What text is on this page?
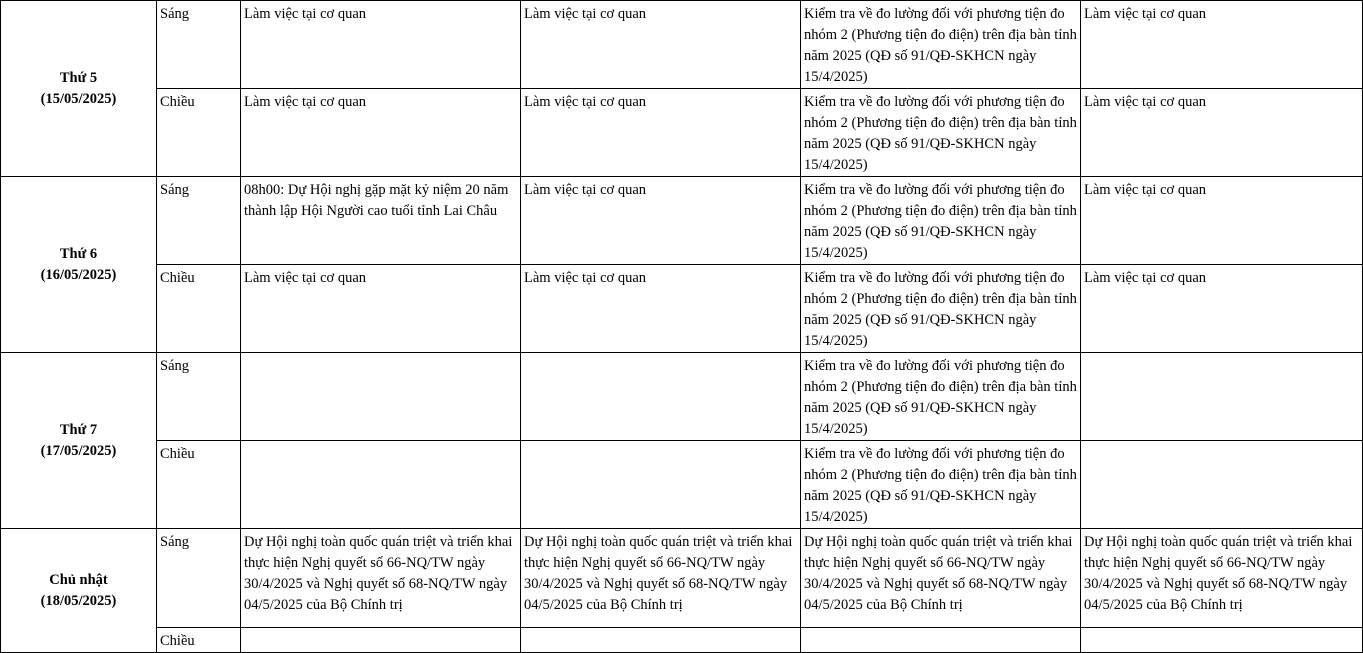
Thứ 5
(15/05/2025)	Sáng	Làm việc tại cơ quan	Làm việc tại cơ quan	Kiểm tra về đo lường đối với phương tiện đo nhóm 2 (Phương tiện đo điện) trên địa bàn tỉnh năm 2025 (QĐ số 91/QĐ-SKHCN ngày 15/4/2025)	Làm việc tại cơ quan
	Chiều	Làm việc tại cơ quan	Làm việc tại cơ quan	Kiểm tra về đo lường đối với phương tiện đo nhóm 2 (Phương tiện đo điện) trên địa bàn tỉnh năm 2025 (QĐ số 91/QĐ-SKHCN ngày 15/4/2025)	Làm việc tại cơ quan

Thứ 6
(16/05/2025)	Sáng	08h00: Dự Hội nghị gặp mặt kỷ niệm 20 năm thành lập Hội Người cao tuổi tỉnh Lai Châu	Làm việc tại cơ quan	Kiểm tra về đo lường đối với phương tiện đo nhóm 2 (Phương tiện đo điện) trên địa bàn tỉnh năm 2025 (QĐ số 91/QĐ-SKHCN ngày 15/4/2025)	Làm việc tại cơ quan
	Chiều	Làm việc tại cơ quan	Làm việc tại cơ quan	Kiểm tra về đo lường đối với phương tiện đo nhóm 2 (Phương tiện đo điện) trên địa bàn tỉnh năm 2025 (QĐ số 91/QĐ-SKHCN ngày 15/4/2025)	Làm việc tại cơ quan

Thứ 7
(17/05/2025)	Sáng			Kiểm tra về đo lường đối với phương tiện đo nhóm 2 (Phương tiện đo điện) trên địa bàn tỉnh năm 2025 (QĐ số 91/QĐ-SKHCN ngày 15/4/2025)	
	Chiều			Kiểm tra về đo lường đối với phương tiện đo nhóm 2 (Phương tiện đo điện) trên địa bàn tỉnh năm 2025 (QĐ số 91/QĐ-SKHCN ngày 15/4/2025)	

Chủ nhật
(18/05/2025)	Sáng	Dự Hội nghị toàn quốc quán triệt và triển khai thực hiện Nghị quyết số 66-NQ/TW ngày 30/4/2025 và Nghị quyết số 68-NQ/TW ngày 04/5/2025 của Bộ Chính trị	Dự Hội nghị toàn quốc quán triệt và triển khai thực hiện Nghị quyết số 66-NQ/TW ngày 30/4/2025 và Nghị quyết số 68-NQ/TW ngày 04/5/2025 của Bộ Chính trị	Dự Hội nghị toàn quốc quán triệt và triển khai thực hiện Nghị quyết số 66-NQ/TW ngày 30/4/2025 và Nghị quyết số 68-NQ/TW ngày 04/5/2025 của Bộ Chính trị	Dự Hội nghị toàn quốc quán triệt và triển khai thực hiện Nghị quyết số 66-NQ/TW ngày 30/4/2025 và Nghị quyết số 68-NQ/TW ngày 04/5/2025 của Bộ Chính trị
	Chiều				
